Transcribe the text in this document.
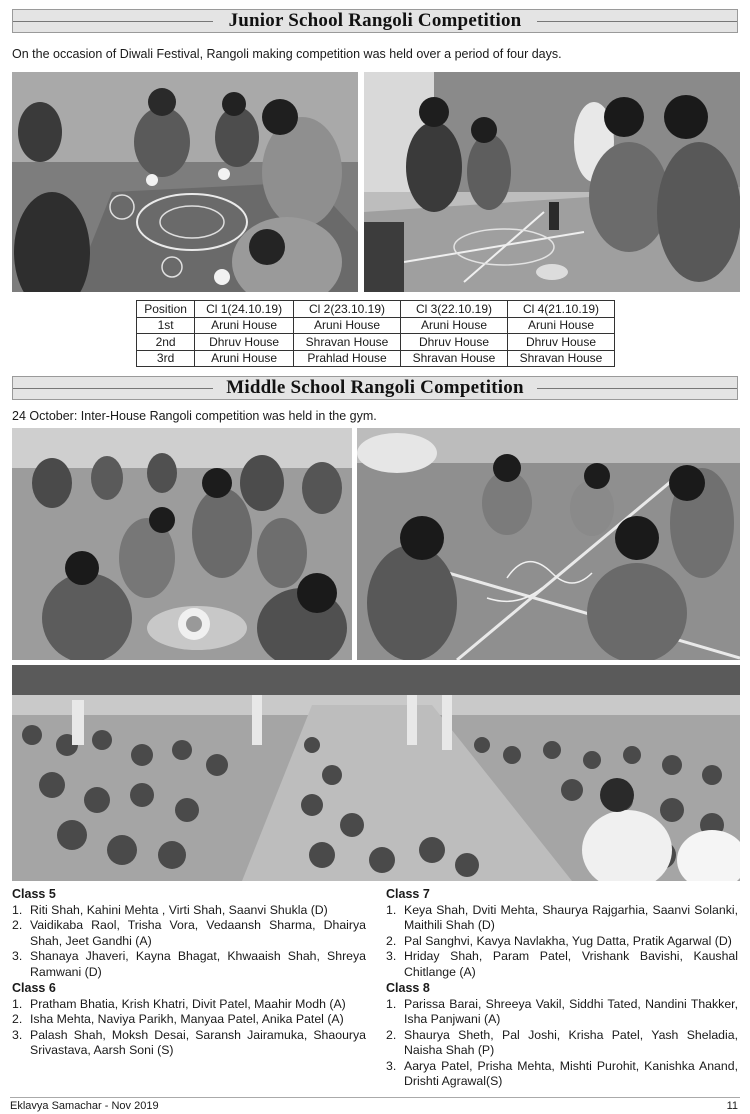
Junior School Rangoli Competition

On the occasion of Diwali Festival, Rangoli making competition was held over a period of four days.

Position	Cl 1(24.10.19)	Cl 2(23.10.19)	Cl 3(22.10.19)	Cl 4(21.10.19)
1st	Aruni House	Aruni House	Aruni House	Aruni House
2nd	Dhruv House	Shravan House	Dhruv House	Dhruv House
3rd	Aruni House	Prahlad House	Shravan House	Shravan House
Middle School Rangoli Competition

24 October: Inter-House Rangoli competition was held in the gym.

Class 5
1. Riti Shah, Kahini Mehta , Virti Shah, Saanvi Shukla (D)
2. Vaidikaba Raol, Trisha Vora, Vedaansh Sharma, Dhairya Shah, Jeet Gandhi (A)
3. Shanaya Jhaveri, Kayna Bhagat, Khwaaish Shah, Shreya Ramwani (D)
Class 6
1. Pratham Bhatia, Krish Khatri, Divit Patel, Maahir Modh (A)
2. Isha Mehta, Naviya Parikh, Manyaa Patel, Anika Patel (A)
3. Palash Shah, Moksh Desai, Saransh Jairamuka, Shaourya Srivastava, Aarsh Soni (S)
Class 7
1. Keya Shah, Dviti Mehta, Shaurya Rajgarhia, Saanvi Solanki, Maithili Shah (D)
2. Pal Sanghvi, Kavya Navlakha, Yug Datta, Pratik Agarwal (D)
3. Hriday Shah, Param Patel, Vrishank Bavishi, Kaushal Chitlange (A)
Class 8
1. Parissa Barai, Shreeya Vakil, Siddhi Tated, Nandini Thakker, Isha Panjwani (A)
2. Shaurya Sheth, Pal Joshi, Krisha Patel, Yash Sheladia, Naisha Shah (P)
3. Aarya Patel, Prisha Mehta, Mishti Purohit, Kanishka Anand, Drishti Agrawal(S)
Eklavya Samachar - Nov 2019	11
